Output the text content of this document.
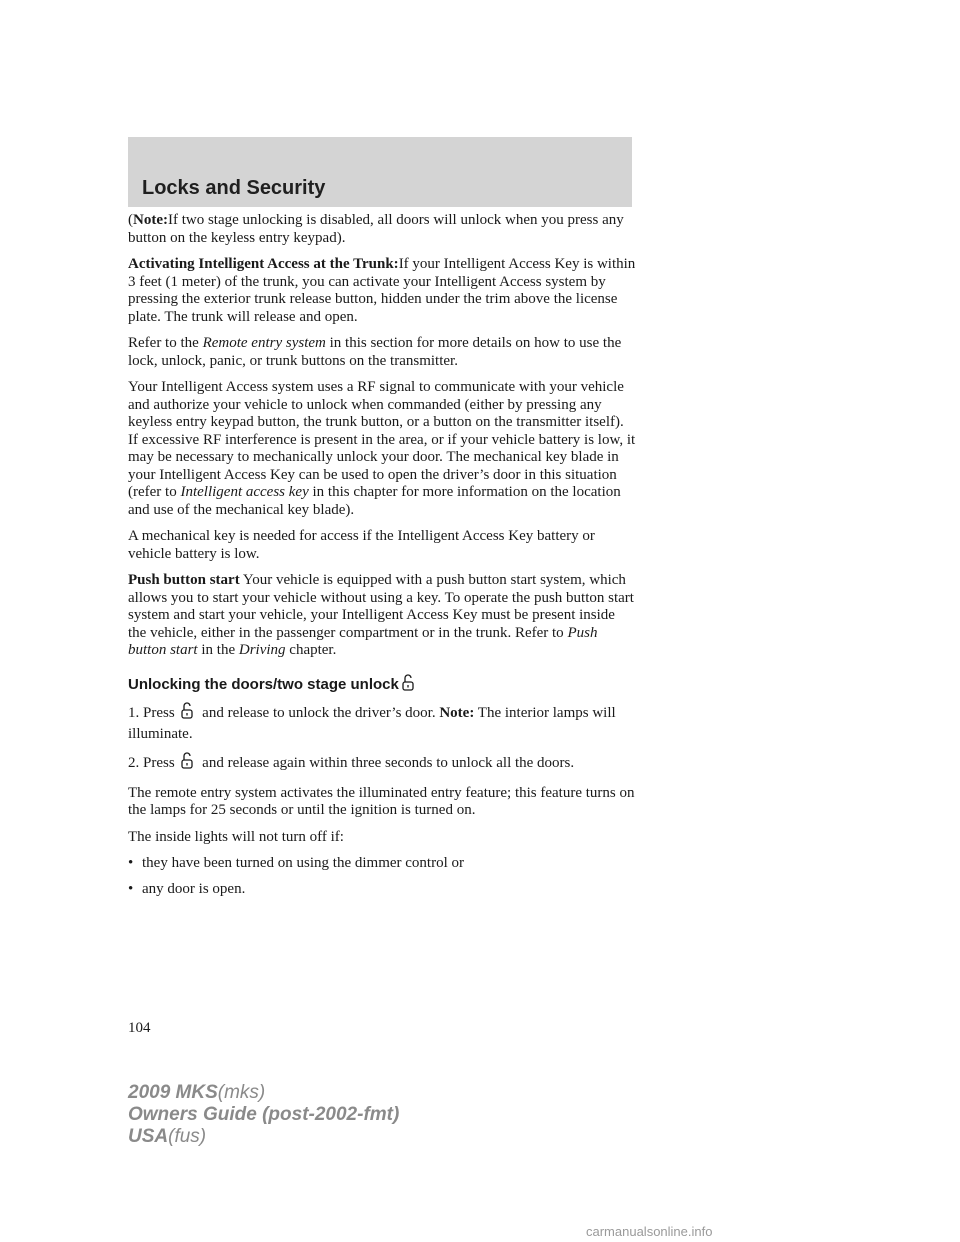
Locks and Security

(Note:If two stage unlocking is disabled, all doors will unlock when you press any button on the keyless entry keypad).

Activating Intelligent Access at the Trunk:If your Intelligent Access Key is within 3 feet (1 meter) of the trunk, you can activate your Intelligent Access system by pressing the exterior trunk release button, hidden under the trim above the license plate. The trunk will release and open.

Refer to the Remote entry system in this section for more details on how to use the lock, unlock, panic, or trunk buttons on the transmitter.

Your Intelligent Access system uses a RF signal to communicate with your vehicle and authorize your vehicle to unlock when commanded (either by pressing any keyless entry keypad button, the trunk button, or a button on the transmitter itself). If excessive RF interference is present in the area, or if your vehicle battery is low, it may be necessary to mechanically unlock your door. The mechanical key blade in your Intelligent Access Key can be used to open the driver’s door in this situation (refer to Intelligent access key in this chapter for more information on the location and use of the mechanical key blade).

A mechanical key is needed for access if the Intelligent Access Key battery or vehicle battery is low.

Push button start Your vehicle is equipped with a push button start system, which allows you to start your vehicle without using a key. To operate the push button start system and start your vehicle, your Intelligent Access Key must be present inside the vehicle, either in the passenger compartment or in the trunk. Refer to Push button start in the Driving chapter.

Unlocking the doors/two stage unlock

1. Press  and release to unlock the driver’s door. Note: The interior lamps will illuminate.

2. Press  and release again within three seconds to unlock all the doors.

The remote entry system activates the illuminated entry feature; this feature turns on the lamps for 25 seconds or until the ignition is turned on.

The inside lights will not turn off if:

• they have been turned on using the dimmer control or
• any door is open.
104
2009 MKS(mks)
Owners Guide (post-2002-fmt)
USA(fus)
carmanualsonline.info
